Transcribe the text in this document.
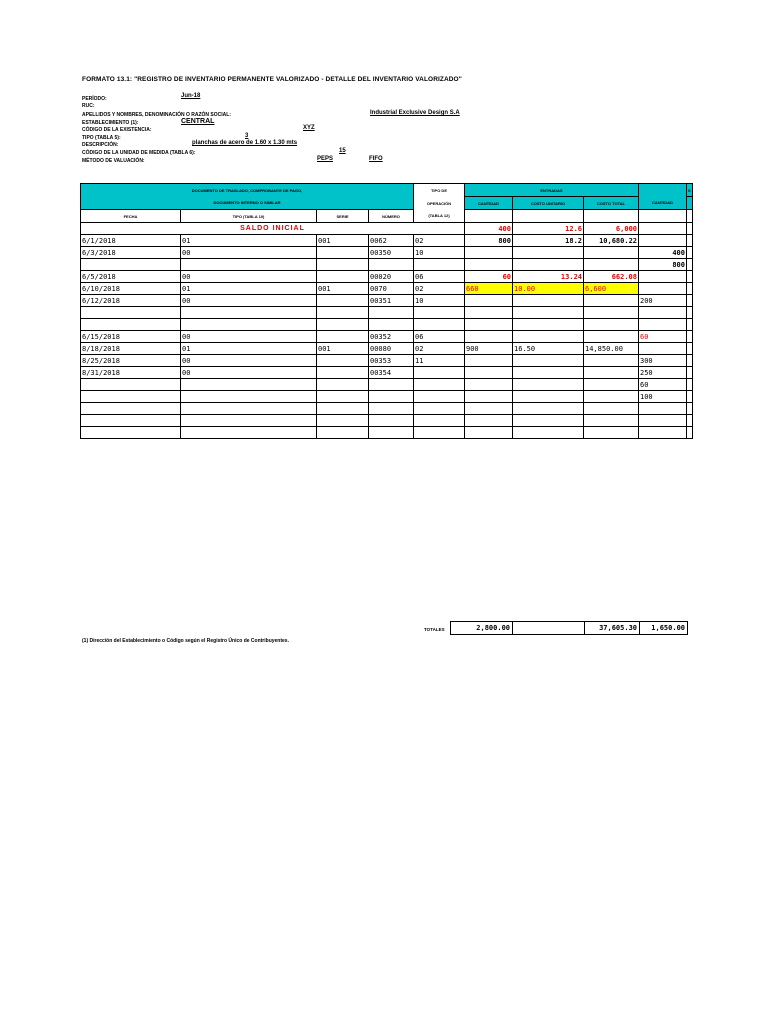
FORMATO 13.1: "REGISTRO DE INVENTARIO PERMANENTE VALORIZADO - DETALLE DEL INVENTARIO VALORIZADO"
PERÍODO:	Jun-18
RUC:
APELLIDOS Y NOMBRES, DENOMINACIÓN O RAZÓN SOCIAL:	Industrial Exclusive Design S.A
ESTABLECIMIENTO (1):	CENTRAL
CÓDIGO DE LA EXISTENCIA:	XYZ
TIPO (TABLA 5):	3
DESCRIPCIÓN:	planchas de acero de 1.60 x 1.30 mts
CÓDIGO DE LA UNIDAD DE MEDIDA (TABLA 6):	15
MÉTODO DE VALUACIÓN:	PEPS	FIFO
DOCUMENTO DE TRASLADO, COMPROBANTE DE PAGO,				TIPO DE	ENTRADAS				S
DOCUMENTO INTERNO O SIMILAR				OPERACIÓN	CANTIDAD	COSTO UNITARIO	COSTO TOTAL	CANTIDAD	
FECHA	TIPO (TABLA 10)	SERIE	NÚMERO	(TABLA 12)					
SALDO INICIAL					400	12.6	6,000		
6/1/2018	01	001	0062	02	800	18.2	10,680.22		
6/3/2018	00		00350	10				400	
								800	
6/5/2018	00		00020	06	60	13.24	662.08		
6/10/2018	01	001	0070	02	660	10.00	6,600		
6/12/2018	00		00351	10				200	

6/15/2018	00		00352	06				60	
8/18/2018	01	001	00080	02	900	16.50	14,850.00		
8/25/2018	00		00353	11				300	
8/31/2018	00		00354					250	
								60	
								100	

TOTALES	2,800.00		37,605.30	1,650.00
(1) Dirección del Establecimiento o Código según el Registro Único de Contribuyentes.
